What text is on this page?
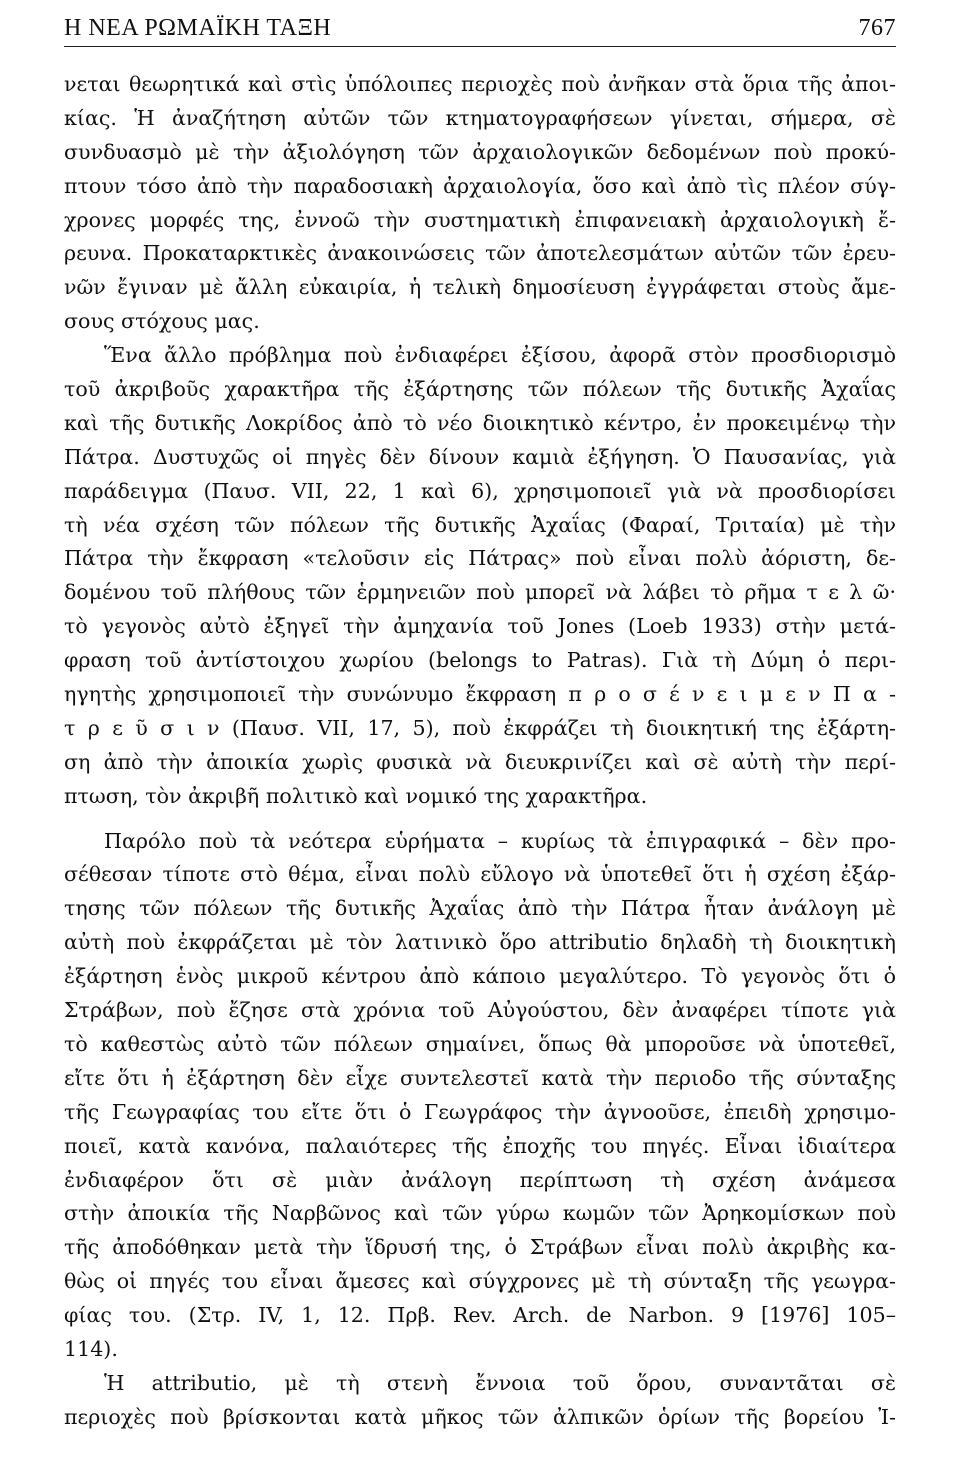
Η ΝΕΑ ΡΩΜΑΪΚΗ ΤΑΞΗ	767
νεται θεωρητικά καὶ στὶς ὑπόλοιπες περιοχὲς ποὺ ἀνῆκαν στὰ ὅρια τῆς ἀποι-
κίας. Ἡ ἀναζήτηση αὐτῶν τῶν κτηματογραφήσεων γίνεται, σήμερα, σὲ
συνδυασμὸ μὲ τὴν ἀξιολόγηση τῶν ἀρχαιολογικῶν δεδομένων ποὺ προκύ-
πτουν τόσο ἀπὸ τὴν παραδοσιακὴ ἀρχαιολογία, ὅσο καὶ ἀπὸ τὶς πλέον σύγ-
χρονες μορφές της, ἐννοῶ τὴν συστηματικὴ ἐπιφανειακὴ ἀρχαιολογικὴ ἔ-
ρευνα. Προκαταρκτικὲς ἀνακοινώσεις τῶν ἀποτελεσμάτων αὐτῶν τῶν ἐρευ-
νῶν ἔγιναν μὲ ἄλλη εὐκαιρία, ἡ τελικὴ δημοσίευση ἐγγράφεται στοὺς ἄμε-
σους στόχους μας.
Ἕνα ἄλλο πρόβλημα ποὺ ἐνδιαφέρει ἐξίσου, ἀφορᾶ στὸν προσδιορισμὸ
τοῦ ἀκριβοῦς χαρακτῆρα τῆς ἐξάρτησης τῶν πόλεων τῆς δυτικῆς Ἀχαΐας
καὶ τῆς δυτικῆς Λοκρίδος ἀπὸ τὸ νέο διοικητικὸ κέντρο, ἐν προκειμένῳ τὴν
Πάτρα. Δυστυχῶς οἱ πηγὲς δὲν δίνουν καμιὰ ἐξήγηση. Ὁ Παυσανίας, γιὰ
παράδειγμα (Παυσ. VII, 22, 1 καὶ 6), χρησιμοποιεῖ γιὰ νὰ προσδιορίσει
τὴ νέα σχέση τῶν πόλεων τῆς δυτικῆς Ἀχαΐας (Φαραί, Τριταία) μὲ τὴν
Πάτρα τὴν ἔκφραση «τελοῦσιν εἰς Πάτρας» ποὺ εἶναι πολὺ ἀόριστη, δε-
δομένου τοῦ πλήθους τῶν ἑρμηνειῶν ποὺ μπορεῖ νὰ λάβει τὸ ρῆμα τ ε λ ῶ·
τὸ γεγονὸς αὐτὸ ἐξηγεῖ τὴν ἀμηχανία τοῦ Jones (Loeb 1933) στὴν μετά-
φραση τοῦ ἀντίστοιχου χωρίου (belongs to Patras). Γιὰ τὴ Δύμη ὁ περι-
ηγητὴς χρησιμοποιεῖ τὴν συνώνυμο ἔκφραση π ρ ο σ έ ν ε ι μ ε ν Π α -
τ ρ ε ῦ σ ι ν (Παυσ. VII, 17, 5), ποὺ ἐκφράζει τὴ διοικητική της ἐξάρτη-
ση ἀπὸ τὴν ἀποικία χωρὶς φυσικὰ νὰ διευκρινίζει καὶ σὲ αὐτὴ τὴν περί-
πτωση, τὸν ἀκριβῆ πολιτικὸ καὶ νομικό της χαρακτῆρα.
Παρόλο ποὺ τὰ νεότερα εὑρήματα – κυρίως τὰ ἐπιγραφικά – δὲν προ-
σέθεσαν τίποτε στὸ θέμα, εἶναι πολὺ εὔλογο νὰ ὑποτεθεῖ ὅτι ἡ σχέση ἐξάρ-
τησης τῶν πόλεων τῆς δυτικῆς Ἀχαΐας ἀπὸ τὴν Πάτρα ἦταν ἀνάλογη μὲ
αὐτὴ ποὺ ἐκφράζεται μὲ τὸν λατινικὸ ὅρο attributio δηλαδὴ τὴ διοικητικὴ
ἐξάρτηση ἑνὸς μικροῦ κέντρου ἀπὸ κάποιο μεγαλύτερο. Τὸ γεγονὸς ὅτι ὁ
Στράβων, ποὺ ἔζησε στὰ χρόνια τοῦ Αὐγούστου, δὲν ἀναφέρει τίποτε γιὰ
τὸ καθεστὼς αὐτὸ τῶν πόλεων σημαίνει, ὅπως θὰ μποροῦσε νὰ ὑποτεθεῖ,
εἴτε ὅτι ἡ ἐξάρτηση δὲν εἶχε συντελεστεῖ κατὰ τὴν περιοδο τῆς σύνταξης
τῆς Γεωγραφίας του εἴτε ὅτι ὁ Γεωγράφος τὴν ἀγνοοῦσε, ἐπειδὴ χρησιμο-
ποιεῖ, κατὰ κανόνα, παλαιότερες τῆς ἐποχῆς του πηγές. Εἶναι ἰδιαίτερα
ἐνδιαφέρον ὅτι σὲ μιὰν ἀνάλογη περίπτωση τὴ σχέση ἀνάμεσα
στὴν ἀποικία τῆς Ναρβῶνος καὶ τῶν γύρω κωμῶν τῶν Ἀρηκομίσκων ποὺ
τῆς ἀποδόθηκαν μετὰ τὴν ἵδρυσή της, ὁ Στράβων εἶναι πολὺ ἀκριβὴς κα-
θὼς οἱ πηγές του εἶναι ἄμεσες καὶ σύγχρονες μὲ τὴ σύνταξη τῆς γεωγρα-
φίας του. (Στρ. IV, 1, 12. Πρβ. Rev. Arch. de Narbon. 9 [1976] 105–
114).
Ἡ attributio, μὲ τὴ στενὴ ἔννοια τοῦ ὅρου, συναντᾶται σὲ
περιοχὲς ποὺ βρίσκονται κατὰ μῆκος τῶν ἀλπικῶν ὁρίων τῆς βορείου Ἰ-
